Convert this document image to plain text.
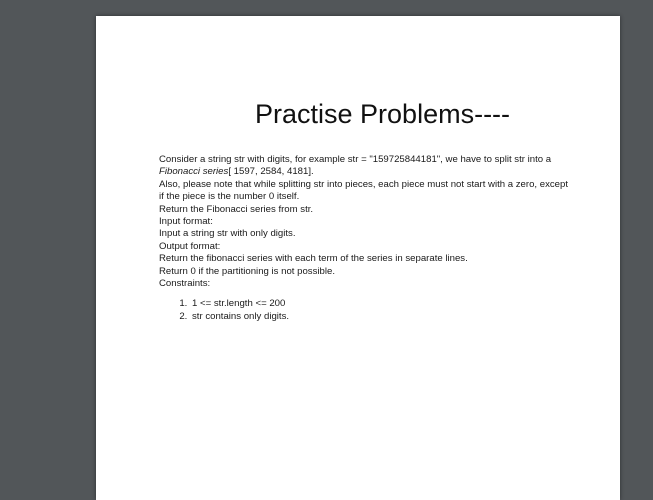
Practise Problems----

Consider a string str with digits, for example str = "159725844181", we have to split str into a

Fibonacci series[ 1597, 2584, 4181].

Also, please note that while splitting str into pieces, each piece must not start with a zero, except

if the piece is the number 0 itself.

Return the Fibonacci series from str.

Input format:

Input a string str with only digits.

Output format:

Return the fibonacci series with each term of the series in separate lines.

Return 0 if the partitioning is not possible.

Constraints:

1. 1 <= str.length <= 200
2. str contains only digits.
